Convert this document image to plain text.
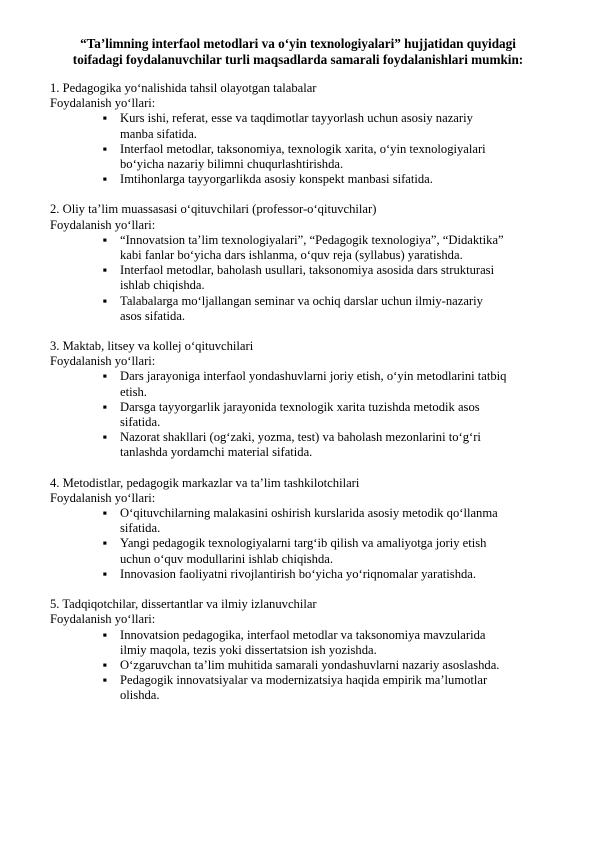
“Ta’limning interfaol metodlari va o‘yin texnologiyalari” hujjatidan quyidagi
toifadagi foydalanuvchilar turli maqsadlarda samarali foydalanishlari mumkin:
1. Pedagogika yo‘nalishida tahsil olayotgan talabalar
Foydalanish yo‘llari:
▪ Kurs ishi, referat, esse va taqdimotlar tayyorlash uchun asosiy nazariy
manba sifatida.
▪ Interfaol metodlar, taksonomiya, texnologik xarita, o‘yin texnologiyalari
bo‘yicha nazariy bilimni chuqurlashtirishda.
▪ Imtihonlarga tayyorgarlikda asosiy konspekt manbasi sifatida.
2. Oliy ta’lim muassasasi o‘qituvchilari (professor-o‘qituvchilar)
Foydalanish yo‘llari:
▪ “Innovatsion ta’lim texnologiyalari”, “Pedagogik texnologiya”, “Didaktika”
kabi fanlar bo‘yicha dars ishlanma, o‘quv reja (syllabus) yaratishda.
▪ Interfaol metodlar, baholash usullari, taksonomiya asosida dars strukturasi
ishlab chiqishda.
▪ Talabalarga mo‘ljallangan seminar va ochiq darslar uchun ilmiy-nazariy
asos sifatida.
3. Maktab, litsey va kollej o‘qituvchilari
Foydalanish yo‘llari:
▪ Dars jarayoniga interfaol yondashuvlarni joriy etish, o‘yin metodlarini tatbiq
etish.
▪ Darsga tayyorgarlik jarayonida texnologik xarita tuzishda metodik asos
sifatida.
▪ Nazorat shakllari (og‘zaki, yozma, test) va baholash mezonlarini to‘g‘ri
tanlashda yordamchi material sifatida.
4. Metodistlar, pedagogik markazlar va ta’lim tashkilotchilari
Foydalanish yo‘llari:
▪ O‘qituvchilarning malakasini oshirish kurslarida asosiy metodik qo‘llanma
sifatida.
▪ Yangi pedagogik texnologiyalarni targ‘ib qilish va amaliyotga joriy etish
uchun o‘quv modullarini ishlab chiqishda.
▪ Innovasion faoliyatni rivojlantirish bo‘yicha yo‘riqnomalar yaratishda.
5. Tadqiqotchilar, dissertantlar va ilmiy izlanuvchilar
Foydalanish yo‘llari:
▪ Innovatsion pedagogika, interfaol metodlar va taksonomiya mavzularida
ilmiy maqola, tezis yoki dissertatsion ish yozishda.
▪ O‘zgaruvchan ta’lim muhitida samarali yondashuvlarni nazariy asoslashda.
▪ Pedagogik innovatsiyalar va modernizatsiya haqida empirik ma’lumotlar
olishda.
